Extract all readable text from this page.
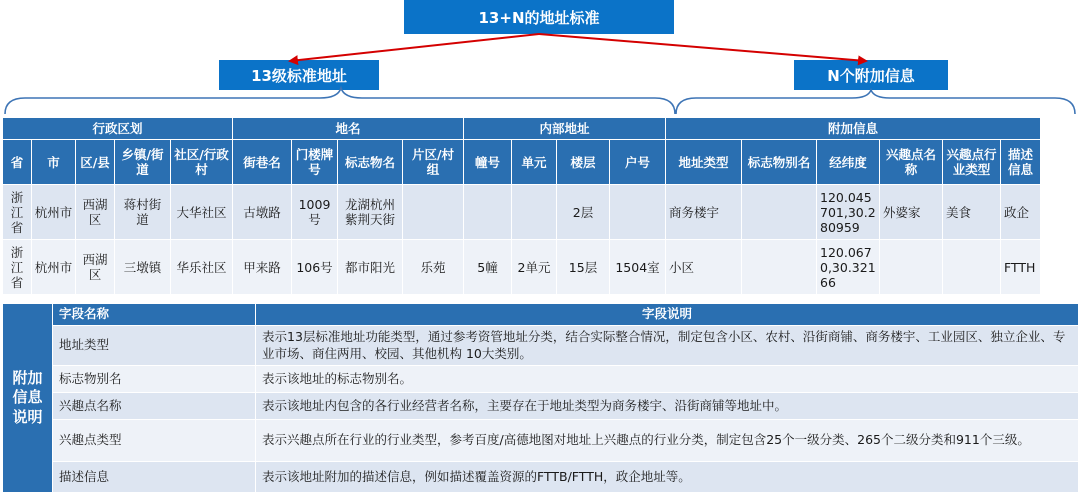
13+N的地址标准
13级标准地址	N个附加信息
行政区划					地名				内部地址				附加信息					
省	市	区/县	乡镇/街道	社区/行政村	街巷名	门楼牌号	标志物名	片区/村组	幢号	单元	楼层	户号	地址类型	标志物别名	经纬度	兴趣点名称	兴趣点行业类型	描述信息
浙江省	杭州市	西湖区	蒋村街道	大华社区	古墩路	1009号	龙湖杭州紫荆天街				2层		商务楼宇		120.045701,30.280959	外婆家	美食	政企
浙江省	杭州市	西湖区	三墩镇	华乐社区	甲来路	106号	都市阳光	乐苑	5幢	2单元	15层	1504室	小区		120.0670,30.32166			FTTH
附加信息说明	字段名称	字段说明
	地址类型	表示13层标准地址功能类型，通过参考资管地址分类，结合实际整合情况，制定包含小区、农村、沿街商铺、商务楼宇、工业园区、独立企业、专业市场、商住两用、校园、其他机构 10大类别。
	标志物别名	表示该地址的标志物别名。
	兴趣点名称	表示该地址内包含的各行业经营者名称，主要存在于地址类型为商务楼宇、沿街商铺等地址中。
	兴趣点类型	表示兴趣点所在行业的行业类型，参考百度/高德地图对地址上兴趣点的行业分类，制定包含25个一级分类、265个二级分类和911个三级。
	描述信息	表示该地址附加的描述信息，例如描述覆盖资源的FTTB/FTTH，政企地址等。
